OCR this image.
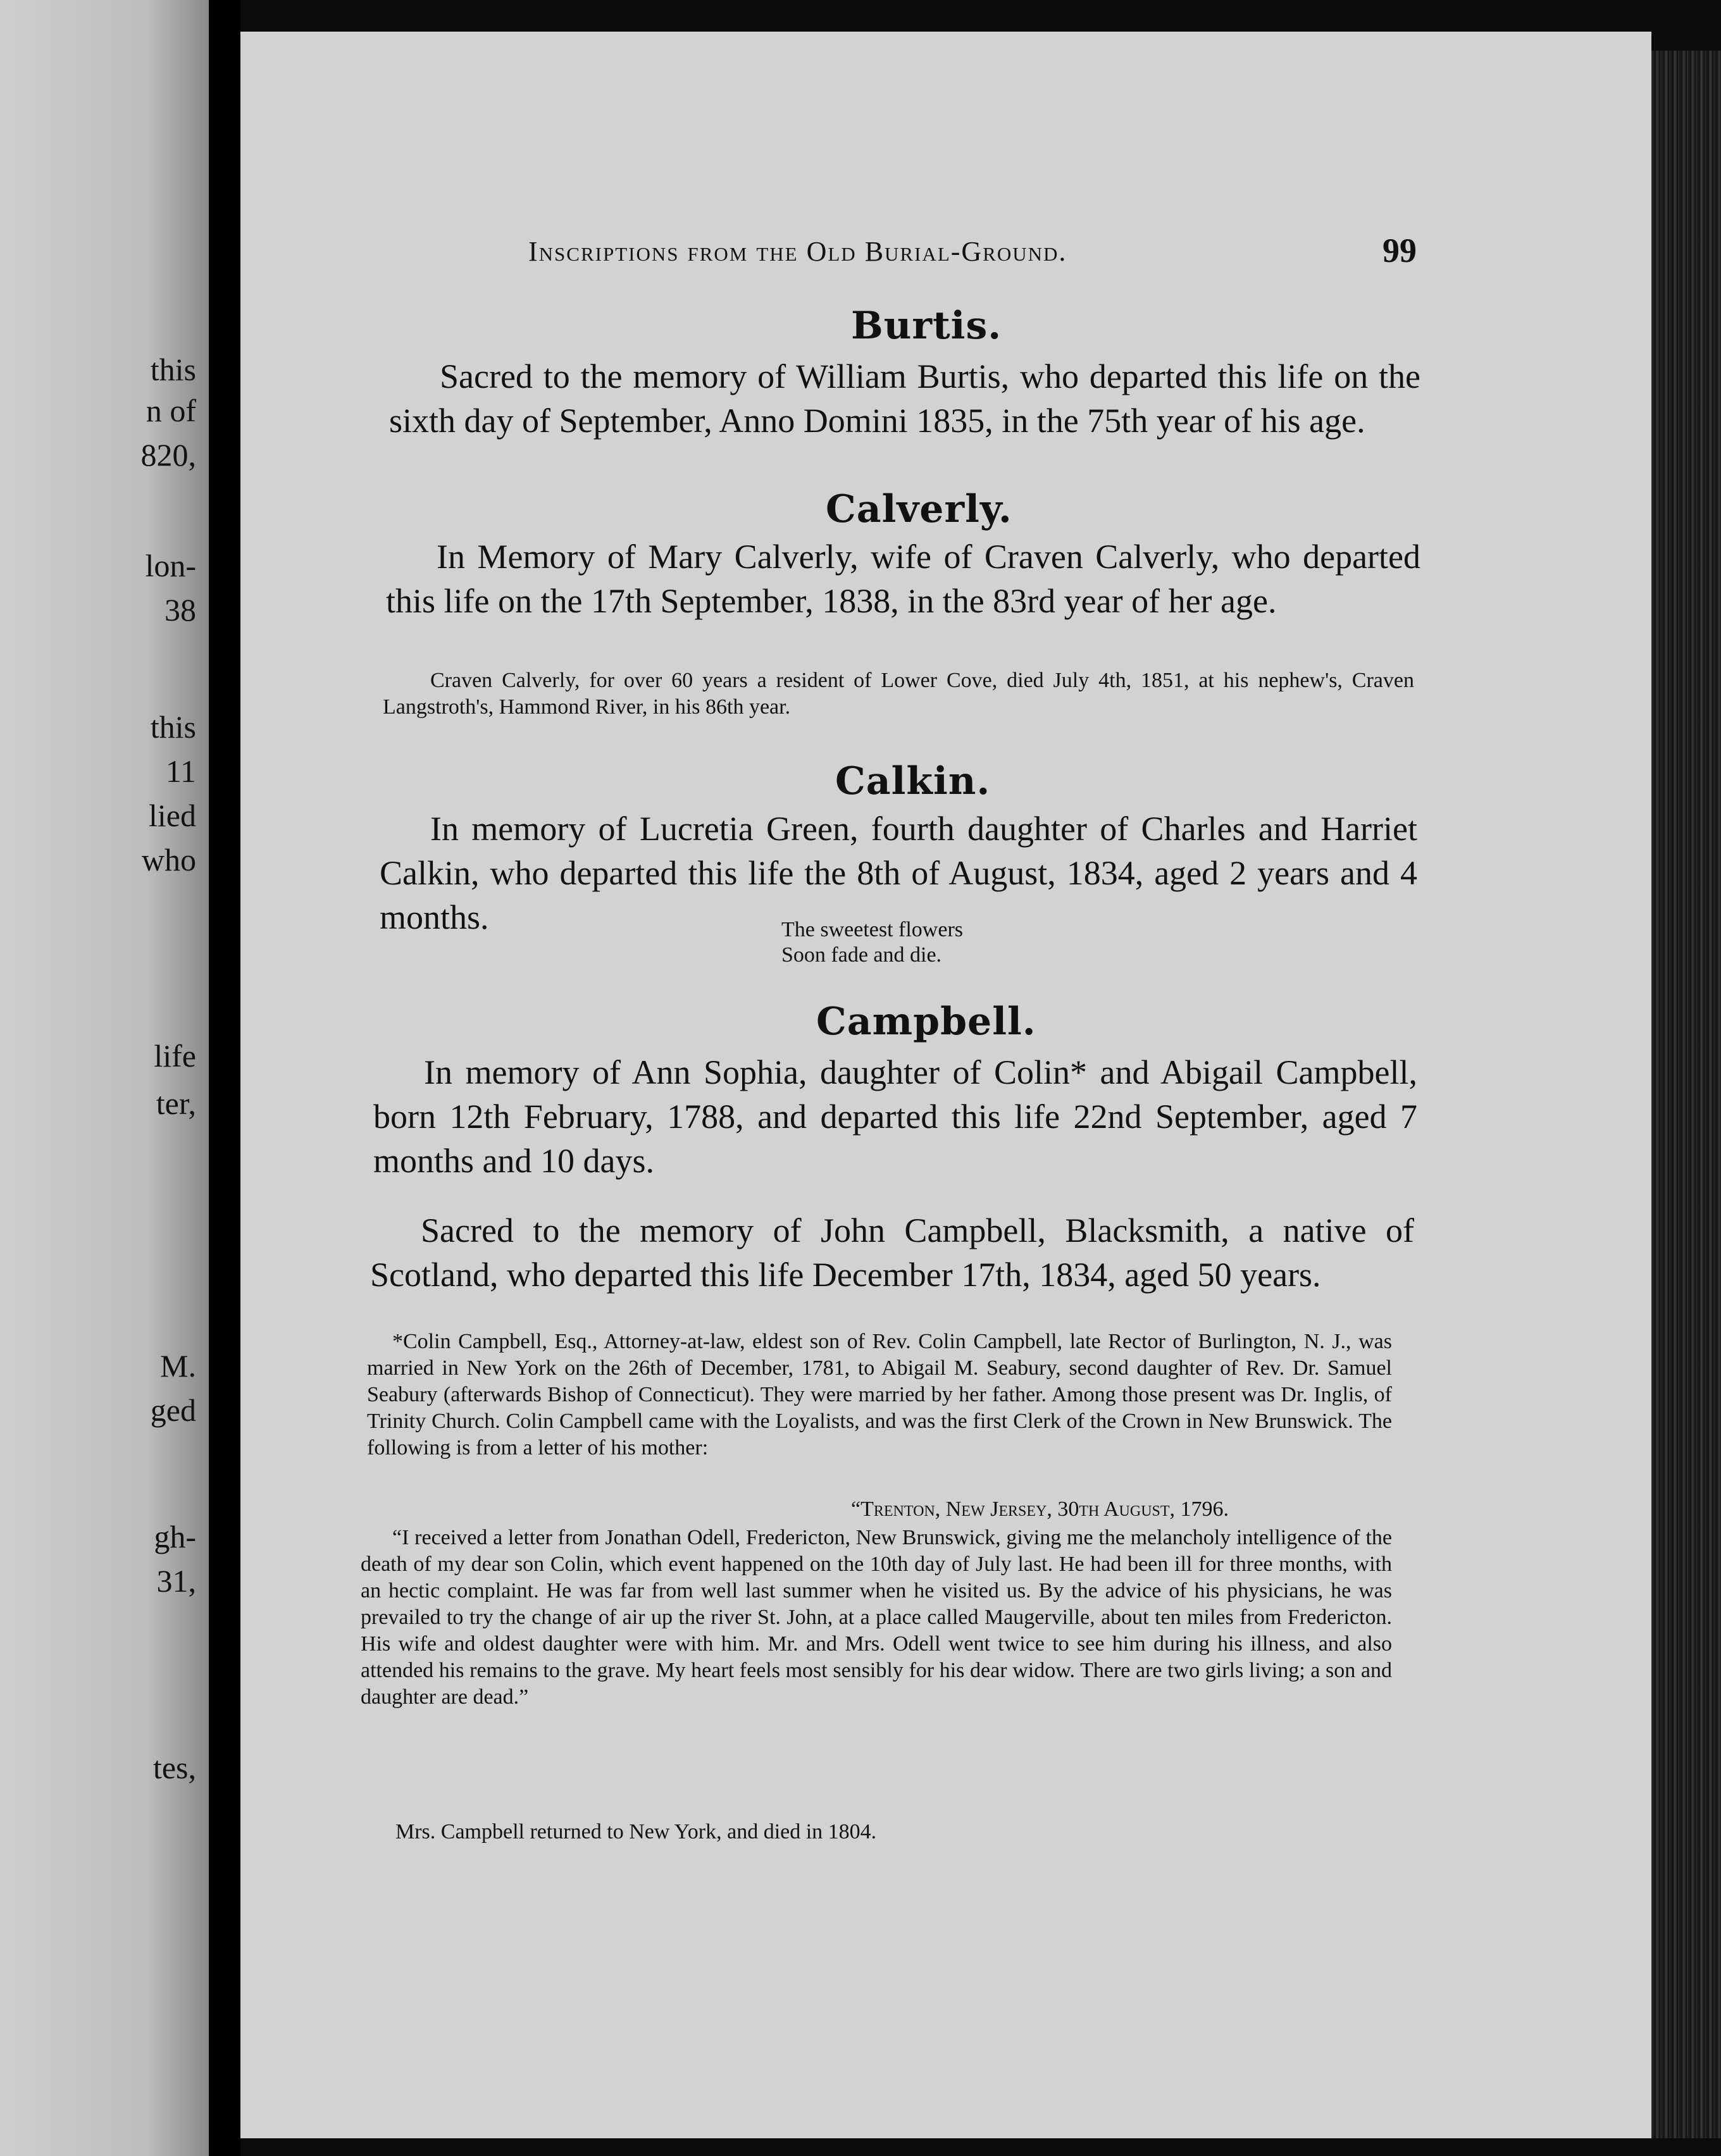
this
n of
820,
lon-
38
this
11
lied
who
life
ter,
M.
ged
gh-
31,
tes,
Inscriptions from the Old Burial-Ground.	99
Burtis.
Sacred to the memory of William Burtis, who departed this life on the sixth day of September, Anno Domini 1835, in the 75th year of his age.
Calverly.
In Memory of Mary Calverly, wife of Craven Calverly, who departed this life on the 17th September, 1838, in the 83rd year of her age.
Craven Calverly, for over 60 years a resident of Lower Cove, died July 4th, 1851, at his nephew's, Craven Langstroth's, Hammond River, in his 86th year.
Calkin.
In memory of Lucretia Green, fourth daughter of Charles and Harriet Calkin, who departed this life the 8th of August, 1834, aged 2 years and 4 months.	The sweetest flowers
Soon fade and die.
Campbell.
In memory of Ann Sophia, daughter of Colin* and Abigail Campbell, born 12th February, 1788, and departed this life 22nd September, aged 7 months and 10 days.
Sacred to the memory of John Campbell, Blacksmith, a native of Scotland, who departed this life December 17th, 1834, aged 50 years.
*Colin Campbell, Esq., Attorney-at-law, eldest son of Rev. Colin Campbell, late Rector of Burlington, N. J., was married in New York on the 26th of December, 1781, to Abigail M. Seabury, second daughter of Rev. Dr. Samuel Seabury (afterwards Bishop of Connecticut). They were married by her father. Among those present was Dr. Inglis, of Trinity Church. Colin Campbell came with the Loyalists, and was the first Clerk of the Crown in New Brunswick. The following is from a letter of his mother:
“Trenton, New Jersey, 30th August, 1796.
“I received a letter from Jonathan Odell, Fredericton, New Brunswick, giving me the melancholy intelligence of the death of my dear son Colin, which event happened on the 10th day of July last. He had been ill for three months, with an hectic complaint. He was far from well last summer when he visited us. By the advice of his physicians, he was prevailed to try the change of air up the river St. John, at a place called Maugerville, about ten miles from Fredericton. His wife and oldest daughter were with him. Mr. and Mrs. Odell went twice to see him during his illness, and also attended his remains to the grave. My heart feels most sensibly for his dear widow. There are two girls living; a son and daughter are dead.”
Mrs. Campbell returned to New York, and died in 1804.
